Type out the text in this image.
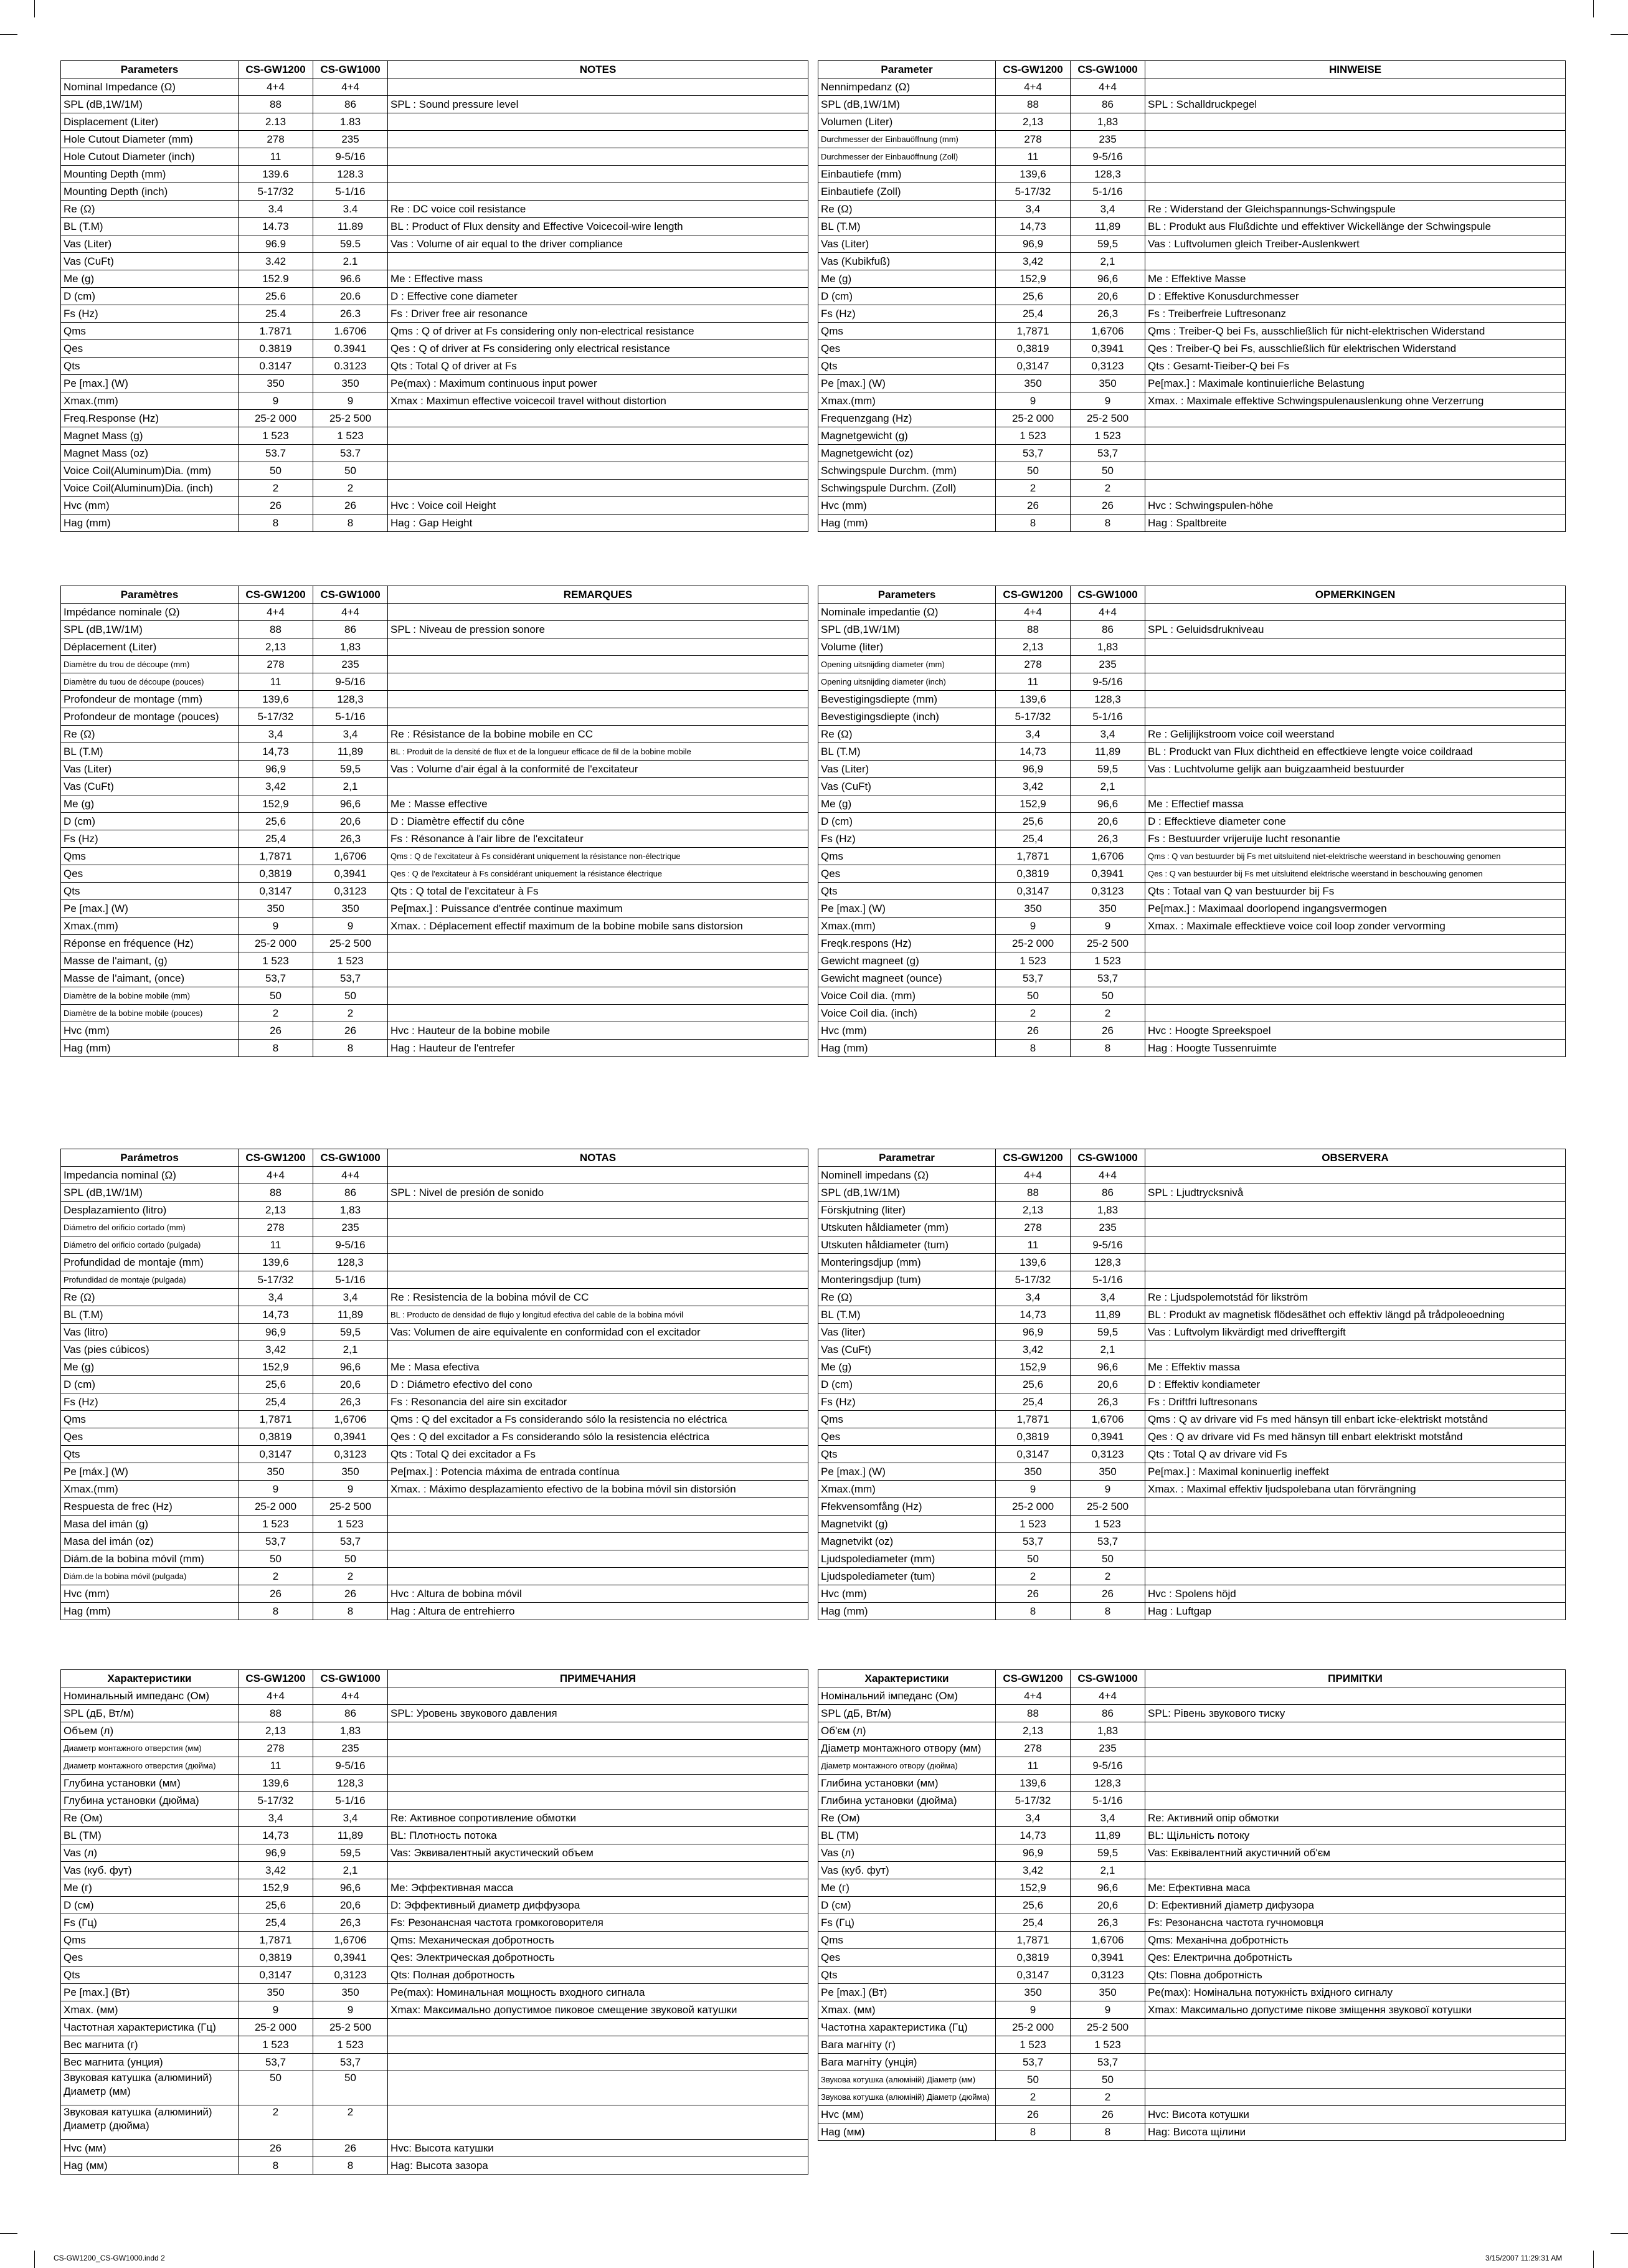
Parameters	CS-GW1200	CS-GW1000	NOTES
Nominal Impedance (Ω)	4+4	4+4	
SPL (dB,1W/1M)	88	86	SPL : Sound pressure level
Displacement (Liter)	2.13	1.83	
Hole Cutout Diameter (mm)	278	235	
Hole Cutout Diameter (inch)	11	9-5/16	
Mounting Depth (mm)	139.6	128.3	
Mounting Depth (inch)	5-17/32	5-1/16	
Re (Ω)	3.4	3.4	Re : DC voice coil resistance
BL (T.M)	14.73	11.89	BL : Product of Flux density and Effective Voicecoil-wire length
Vas (Liter)	96.9	59.5	Vas : Volume of air equal to the driver compliance
Vas (CuFt)	3.42	2.1	
Me (g)	152.9	96.6	Me : Effective mass
D (cm)	25.6	20.6	D : Effective cone diameter
Fs (Hz)	25.4	26.3	Fs : Driver free air resonance
Qms	1.7871	1.6706	Qms : Q of driver at Fs considering only non-electrical resistance
Qes	0.3819	0.3941	Qes : Q of driver at Fs considering only electrical resistance
Qts	0.3147	0.3123	Qts : Total Q of driver at Fs
Pe [max.] (W)	350	350	Pe(max) : Maximum continuous input power
Xmax.(mm)	9	9	Xmax : Maximun effective voicecoil travel without distortion
Freq.Response (Hz)	25-2 000	25-2 500	
Magnet Mass (g)	1 523	1 523	
Magnet Mass (oz)	53.7	53.7	
Voice Coil(Aluminum)Dia. (mm)	50	50	
Voice Coil(Aluminum)Dia. (inch)	2	2	
Hvc (mm)	26	26	Hvc : Voice coil Height
Hag (mm)	8	8	Hag : Gap Height
Parameter	CS-GW1200	CS-GW1000	HINWEISE
Nennimpedanz (Ω)	4+4	4+4	
SPL (dB,1W/1M)	88	86	SPL : Schalldruckpegel
Volumen (Liter)	2,13	1,83	
Durchmesser der Einbauöffnung (mm)	278	235	
Durchmesser der Einbauöffnung (Zoll)	11	9-5/16	
Einbautiefe (mm)	139,6	128,3	
Einbautiefe (Zoll)	5-17/32	5-1/16	
Re (Ω)	3,4	3,4	Re : Widerstand der Gleichspannungs-Schwingspule
BL (T.M)	14,73	11,89	BL : Produkt aus Flußdichte und effektiver Wickellänge der Schwingspule
Vas (Liter)	96,9	59,5	Vas : Luftvolumen gleich Treiber-Auslenkwert
Vas (Kubikfuß)	3,42	2,1	
Me (g)	152,9	96,6	Me : Effektive Masse
D (cm)	25,6	20,6	D : Effektive Konusdurchmesser
Fs (Hz)	25,4	26,3	Fs : Treiberfreie Luftresonanz
Qms	1,7871	1,6706	Qms : Treiber-Q bei Fs, ausschließlich für nicht-elektrischen Widerstand
Qes	0,3819	0,3941	Qes : Treiber-Q bei Fs, ausschließlich für elektrischen Widerstand
Qts	0,3147	0,3123	Qts : Gesamt-Tieiber-Q bei Fs
Pe [max.] (W)	350	350	Pe[max.] : Maximale kontinuierliche Belastung
Xmax.(mm)	9	9	Xmax. : Maximale effektive Schwingspulenauslenkung ohne Verzerrung
Frequenzgang (Hz)	25-2 000	25-2 500	
Magnetgewicht (g)	1 523	1 523	
Magnetgewicht (oz)	53,7	53,7	
Schwingspule Durchm. (mm)	50	50	
Schwingspule Durchm. (Zoll)	2	2	
Hvc (mm)	26	26	Hvc : Schwingspulen-höhe
Hag (mm)	8	8	Hag : Spaltbreite
Paramètres	CS-GW1200	CS-GW1000	REMARQUES
Impédance nominale (Ω)	4+4	4+4	
SPL (dB,1W/1M)	88	86	SPL : Niveau de pression sonore
Déplacement (Liter)	2,13	1,83	
Diamètre du trou de découpe (mm)	278	235	
Diamètre du tuou de découpe (pouces)	11	9-5/16	
Profondeur de montage (mm)	139,6	128,3	
Profondeur de montage (pouces)	5-17/32	5-1/16	
Re (Ω)	3,4	3,4	Re : Résistance de la bobine mobile en CC
BL (T.M)	14,73	11,89	BL : Produit de la densité de flux et de la longueur efficace de fil de la bobine mobile
Vas (Liter)	96,9	59,5	Vas : Volume d'air égal à la conformité de l'excitateur
Vas (CuFt)	3,42	2,1	
Me (g)	152,9	96,6	Me : Masse effective
D (cm)	25,6	20,6	D : Diamètre effectif du cône
Fs (Hz)	25,4	26,3	Fs : Résonance à l'air libre de l'excitateur
Qms	1,7871	1,6706	Qms : Q de l'excitateur à Fs considérant uniquement la résistance non-électrique
Qes	0,3819	0,3941	Qes : Q de l'excitateur à Fs considérant uniquement la résistance électrique
Qts	0,3147	0,3123	Qts : Q total de l'excitateur à Fs
Pe [max.] (W)	350	350	Pe[max.] : Puissance d'entrée continue maximum
Xmax.(mm)	9	9	Xmax. : Déplacement effectif maximum de la bobine mobile sans distorsion
Réponse en fréquence (Hz)	25-2 000	25-2 500	
Masse de l'aimant, (g)	1 523	1 523	
Masse de l'aimant, (once)	53,7	53,7	
Diamètre de la bobine mobile (mm)	50	50	
Diamètre de la bobine mobile (pouces)	2	2	
Hvc (mm)	26	26	Hvc : Hauteur de la bobine mobile
Hag (mm)	8	8	Hag : Hauteur de l'entrefer
Parameters	CS-GW1200	CS-GW1000	OPMERKINGEN
Nominale impedantie (Ω)	4+4	4+4	
SPL (dB,1W/1M)	88	86	SPL : Geluidsdrukniveau
Volume (liter)	2,13	1,83	
Opening uitsnijding diameter (mm)	278	235	
Opening uitsnijding diameter (inch)	11	9-5/16	
Bevestigingsdiepte (mm)	139,6	128,3	
Bevestigingsdiepte (inch)	5-17/32	5-1/16	
Re (Ω)	3,4	3,4	Re : Gelijlijkstroom voice coil weerstand
BL (T.M)	14,73	11,89	BL : Produckt van Flux dichtheid en effectkieve lengte voice coildraad
Vas (Liter)	96,9	59,5	Vas : Luchtvolume gelijk aan buigzaamheid bestuurder
Vas (CuFt)	3,42	2,1	
Me (g)	152,9	96,6	Me : Effectief massa
D (cm)	25,6	20,6	D : Effecktieve diameter cone
Fs (Hz)	25,4	26,3	Fs : Bestuurder vrijeruije lucht resonantie
Qms	1,7871	1,6706	Qms : Q van bestuurder bij Fs met uitsluitend niet-elektrische weerstand in beschouwing genomen
Qes	0,3819	0,3941	Qes : Q van bestuurder bij Fs met uitsluitend elektrische weerstand in beschouwing genomen
Qts	0,3147	0,3123	Qts : Totaal van Q van bestuurder bij Fs
Pe [max.] (W)	350	350	Pe[max.] : Maximaal doorlopend ingangsvermogen
Xmax.(mm)	9	9	Xmax. : Maximale effecktieve voice coil loop zonder vervorming
Freqk.respons (Hz)	25-2 000	25-2 500	
Gewicht magneet (g)	1 523	1 523	
Gewicht magneet (ounce)	53,7	53,7	
Voice Coil dia. (mm)	50	50	
Voice Coil dia. (inch)	2	2	
Hvc (mm)	26	26	Hvc : Hoogte Spreekspoel
Hag (mm)	8	8	Hag : Hoogte Tussenruimte
Parámetros	CS-GW1200	CS-GW1000	NOTAS
Impedancia nominal (Ω)	4+4	4+4	
SPL (dB,1W/1M)	88	86	SPL : Nivel de presión de sonido
Desplazamiento (litro)	2,13	1,83	
Diámetro del orificio cortado (mm)	278	235	
Diámetro del orificio cortado (pulgada)	11	9-5/16	
Profundidad de montaje (mm)	139,6	128,3	
Profundidad de montaje (pulgada)	5-17/32	5-1/16	
Re (Ω)	3,4	3,4	Re : Resistencia de la bobina móvil de CC
BL (T.M)	14,73	11,89	BL : Producto de densidad de flujo y longitud efectiva del cable de la bobina móvil
Vas (litro)	96,9	59,5	Vas: Volumen de aire equivalente en conformidad con el excitador
Vas (pies cúbicos)	3,42	2,1	
Me (g)	152,9	96,6	Me : Masa efectiva
D (cm)	25,6	20,6	D : Diámetro efectivo del cono
Fs (Hz)	25,4	26,3	Fs : Resonancia del aire sin excitador
Qms	1,7871	1,6706	Qms : Q del excitador a Fs considerando sólo la resistencia no eléctrica
Qes	0,3819	0,3941	Qes : Q del excitador a Fs considerando sólo la resistencia eléctrica
Qts	0,3147	0,3123	Qts : Total Q dei excitador a Fs
Pe [máx.] (W)	350	350	Pe[max.] : Potencia máxima de entrada contínua
Xmax.(mm)	9	9	Xmax. : Máximo desplazamiento efectivo de la bobina móvil sin distorsión
Respuesta de frec (Hz)	25-2 000	25-2 500	
Masa del imán (g)	1 523	1 523	
Masa del imán (oz)	53,7	53,7	
Diám.de la bobina móvil (mm)	50	50	
Diám.de la bobina móvil (pulgada)	2	2	
Hvc (mm)	26	26	Hvc : Altura de bobina móvil
Hag (mm)	8	8	Hag : Altura de entrehierro
Parametrar	CS-GW1200	CS-GW1000	OBSERVERA
Nominell impedans (Ω)	4+4	4+4	
SPL (dB,1W/1M)	88	86	SPL : Ljudtrycksnivå
Förskjutning (liter)	2,13	1,83	
Utskuten håldiameter (mm)	278	235	
Utskuten håldiameter (tum)	11	9-5/16	
Monteringsdjup (mm)	139,6	128,3	
Monteringsdjup (tum)	5-17/32	5-1/16	
Re (Ω)	3,4	3,4	Re : Ljudspolemotstád för likström
BL (T.M)	14,73	11,89	BL : Produkt av magnetisk flödesäthet och effektiv längd på trådpoleoedning
Vas (liter)	96,9	59,5	Vas : Luftvolym likvärdigt med drivefftergift
Vas (CuFt)	3,42	2,1	
Me (g)	152,9	96,6	Me : Effektiv massa
D (cm)	25,6	20,6	D : Effektiv kondiameter
Fs (Hz)	25,4	26,3	Fs : Driftfri luftresonans
Qms	1,7871	1,6706	Qms : Q av drivare vid Fs med hänsyn till enbart icke-elektriskt motstånd
Qes	0,3819	0,3941	Qes : Q av drivare vid Fs med hänsyn till enbart elektriskt motstånd
Qts	0,3147	0,3123	Qts : Total Q av drivare vid Fs
Pe [max.] (W)	350	350	Pe[max.] : Maximal koninuerlig ineffekt
Xmax.(mm)	9	9	Xmax. : Maximal effektiv ljudspolebana utan förvrängning
Ffekvensomfång (Hz)	25-2 000	25-2 500	
Magnetvikt (g)	1 523	1 523	
Magnetvikt (oz)	53,7	53,7	
Ljudspolediameter (mm)	50	50	
Ljudspolediameter (tum)	2	2	
Hvc (mm)	26	26	Hvc : Spolens höjd
Hag (mm)	8	8	Hag : Luftgap
Характеристики	CS-GW1200	CS-GW1000	ПРИМЕЧАНИЯ
Номинальный импеданс (Ом)	4+4	4+4	
SPL (дБ, Вт/м)	88	86	SPL: Уровень звукового давления
Объем (л)	2,13	1,83	
Диаметр монтажного отверстия (мм)	278	235	
Диаметр монтажного отверстия (дюйма)	11	9-5/16	
Глубина установки (мм)	139,6	128,3	
Глубина установки (дюйма)	5-17/32	5-1/16	
Re (Ом)	3,4	3,4	Re: Активное сопротивление обмотки
BL (ТМ)	14,73	11,89	BL: Плотность потока
Vas (л)	96,9	59,5	Vas: Эквивалентный акустический объем
Vas (куб. фут)	3,42	2,1	
Me (г)	152,9	96,6	Me: Эффективная масса
D (см)	25,6	20,6	D: Эффективный диаметр диффузора
Fs (Гц)	25,4	26,3	Fs: Резонансная частота громкоговорителя
Qms	1,7871	1,6706	Qms: Механическая добротность
Qes	0,3819	0,3941	Qes: Электрическая добротность
Qts	0,3147	0,3123	Qts: Полная добротность
Pe [max.] (Вт)	350	350	Pe(max): Номинальная мощность входного сигнала
Xmax. (мм)	9	9	Xmax: Максимально допустимое пиковое смещение звуковой катушки
Частотная характеристика (Гц)	25-2 000	25-2 500	
Вес магнита (г)	1 523	1 523	
Вес магнита (унция)	53,7	53,7	
Звуковая катушка (алюминий) Диаметр (мм)	50	50	
Звуковая катушка (алюминий) Диаметр (дюйма)	2	2	
Hvc (мм)	26	26	Hvc: Высота катушки
Hag (мм)	8	8	Hag: Высота зазора
Характеристики	CS-GW1200	CS-GW1000	ПРИМІТКИ
Номінальний імпеданс (Ом)	4+4	4+4	
SPL (дБ, Вт/м)	88	86	SPL: Рівень звукового тиску
Об'єм (л)	2,13	1,83	
Діаметр монтажного отвору (мм)	278	235	
Діаметр монтажного отвору (дюйма)	11	9-5/16	
Глибина установки (мм)	139,6	128,3	
Глибина установки (дюйма)	5-17/32	5-1/16	
Re (Ом)	3,4	3,4	Re: Активний опір обмотки
BL (ТМ)	14,73	11,89	BL: Щільність потоку
Vas (л)	96,9	59,5	Vas: Еквівалентний акустичний об'єм
Vas (куб. фут)	3,42	2,1	
Me (г)	152,9	96,6	Me: Ефективна маса
D (см)	25,6	20,6	D: Ефективний діаметр дифузора
Fs (Гц)	25,4	26,3	Fs: Резонансна частота гучномовця
Qms	1,7871	1,6706	Qms: Механічна добротність
Qes	0,3819	0,3941	Qes: Електрична добротність
Qts	0,3147	0,3123	Qts: Повна добротність
Pe [max.] (Вт)	350	350	Pe(max): Номінальна потужність вхідного сигналу
Xmax. (мм)	9	9	Xmax: Максимально допустиме пікове зміщення звукової котушки
Частотна характеристика (Гц)	25-2 000	25-2 500	
Вага магніту (г)	1 523	1 523	
Вага магніту (унція)	53,7	53,7	
Звукова котушка (алюміній) Діаметр (мм)	50	50	
Звукова котушка (алюміній) Діаметр (дюйма)	2	2	
Hvc (мм)	26	26	Hvc: Висота котушки
Hag (мм)	8	8	Hag: Висота щілини
CS-GW1200_CS-GW1000.indd 2	3/15/2007 11:29:31 AM
